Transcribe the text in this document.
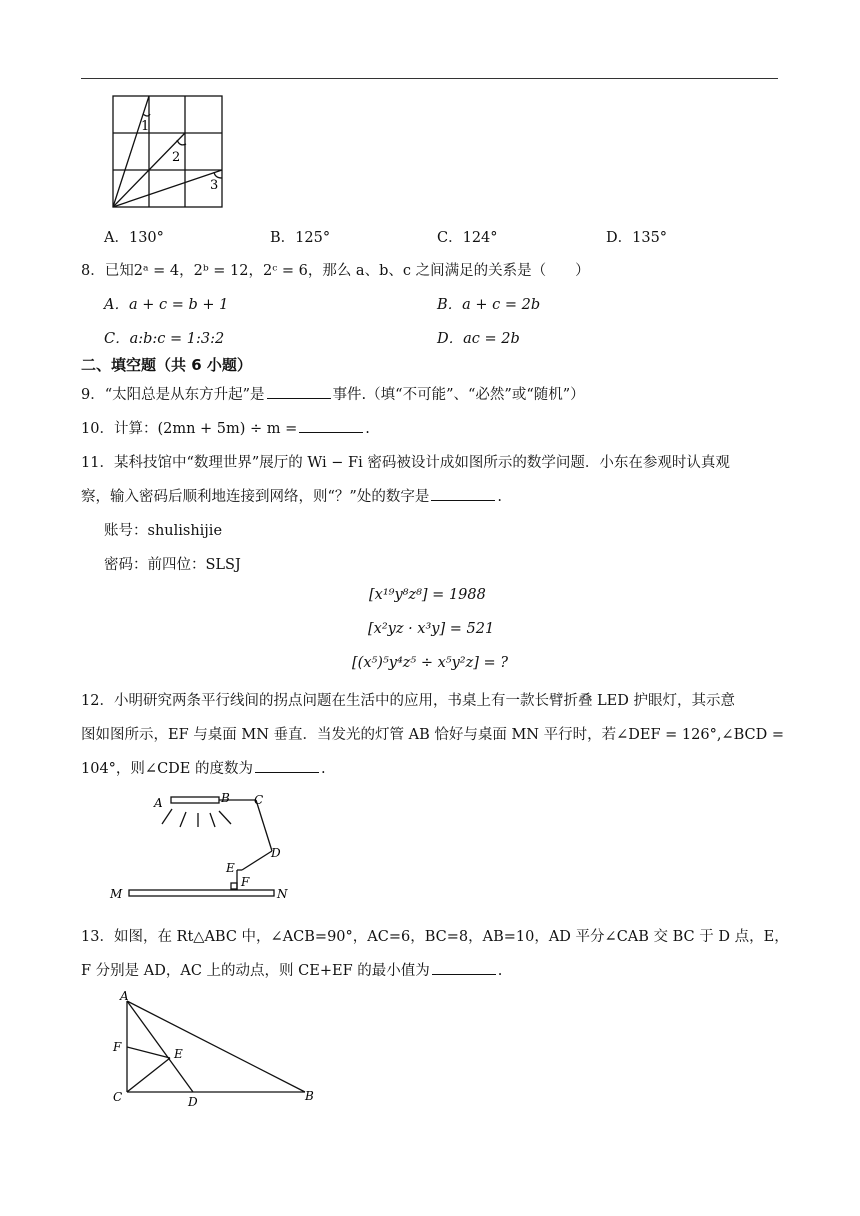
1
2
3
A．130°	B．125°	C．124°	D．135°
8．已知2ᵃ = 4，2ᵇ = 12，2ᶜ = 6，那么 a、b、c 之间满足的关系是（　　）
A．a + c = b + 1	B．a + c = 2b
C．a:b:c = 1:3:2	D．ac = 2b
二、填空题（共 6 小题）
9．“太阳总是从东方升起”是	事件.（填“不可能”、“必然”或“随机”）
10．计算：(2mn + 5m) ÷ m =	.
11．某科技馆中“数理世界”展厅的 Wi − Fi 密码被设计成如图所示的数学问题．小东在参观时认真观
察，输入密码后顺利地连接到网络，则“？”处的数字是	.
账号：shulishijie
密码：前四位：SLSJ
[x¹⁹y⁸z⁸] = 1988
[x²yz · x³y] = 521
[(x⁵)⁵y⁴z⁵ ÷ x⁵y²z] = ?
12．小明研究两条平行线间的拐点问题在生活中的应用，书桌上有一款长臂折叠 LED 护眼灯，其示意
图如图所示，EF 与桌面 MN 垂直．当发光的灯管 AB 恰好与桌面 MN 平行时，若∠DEF = 126°,∠BCD =
104°，则∠CDE 的度数为	.
A	B C
D
E
F
M	N
13．如图，在 Rt△ABC 中，∠ACB=90°，AC=6，BC=8，AB=10，AD 平分∠CAB 交 BC 于 D 点，E，
F 分别是 AD，AC 上的动点，则 CE+EF 的最小值为	.
A
F	E
C	D	B
